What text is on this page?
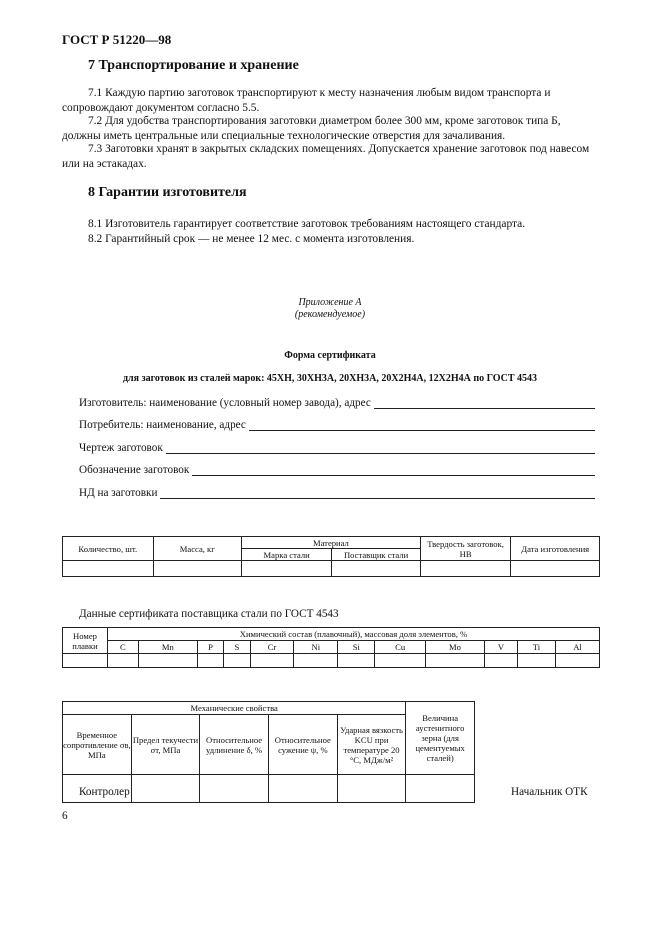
ГОСТ Р 51220—98
7 Транспортирование и хранение
7.1 Каждую партию заготовок транспортируют к месту назначения любым видом транспорта и сопровождают документом согласно 5.5.
7.2 Для удобства транспортирования заготовки диаметром более 300 мм, кроме заготовок типа Б, должны иметь центральные или специальные технологические отверстия для зачаливания.
7.3 Заготовки хранят в закрытых складских помещениях. Допускается хранение заготовок под навесом или на эстакадах.
8 Гарантии изготовителя
8.1 Изготовитель гарантирует соответствие заготовок требованиям настоящего стандарта.
8.2 Гарантийный срок — не менее 12 мес. с момента изготовления.
Приложение А
(рекомендуемое)
Форма сертификата
для заготовок из сталей марок: 45ХН, 30ХН3А, 20ХН3А, 20Х2Н4А, 12Х2Н4А по ГОСТ 4543
Изготовитель: наименование (условный номер завода), адрес
Потребитель: наименование, адрес
Чертеж заготовок
Обозначение заготовок
НД на заготовки
Количество, шт.	Масса, кг	Материал		Твердость заготовок, НВ	Дата изготовления
		Марка стали	Поставщик стали		

Данные сертификата поставщика стали по ГОСТ 4543
Номер плавки	Химический состав (плавочный), массовая доля элементов, %											
	C	Mn	P	S	Cr	Ni	Si	Cu	Mo	V	Ti	Al

Механические свойства					Величина аустенитного зерна (для цементуемых сталей)
Временное сопротивление σв, МПа	Предел текучести σт, МПа	Относительное удлинение δ, %	Относительное сужение ψ, %	Ударная вязкость KCU при температуре 20 °С, МДж/м²	

Контролер	Начальник ОТК
6
